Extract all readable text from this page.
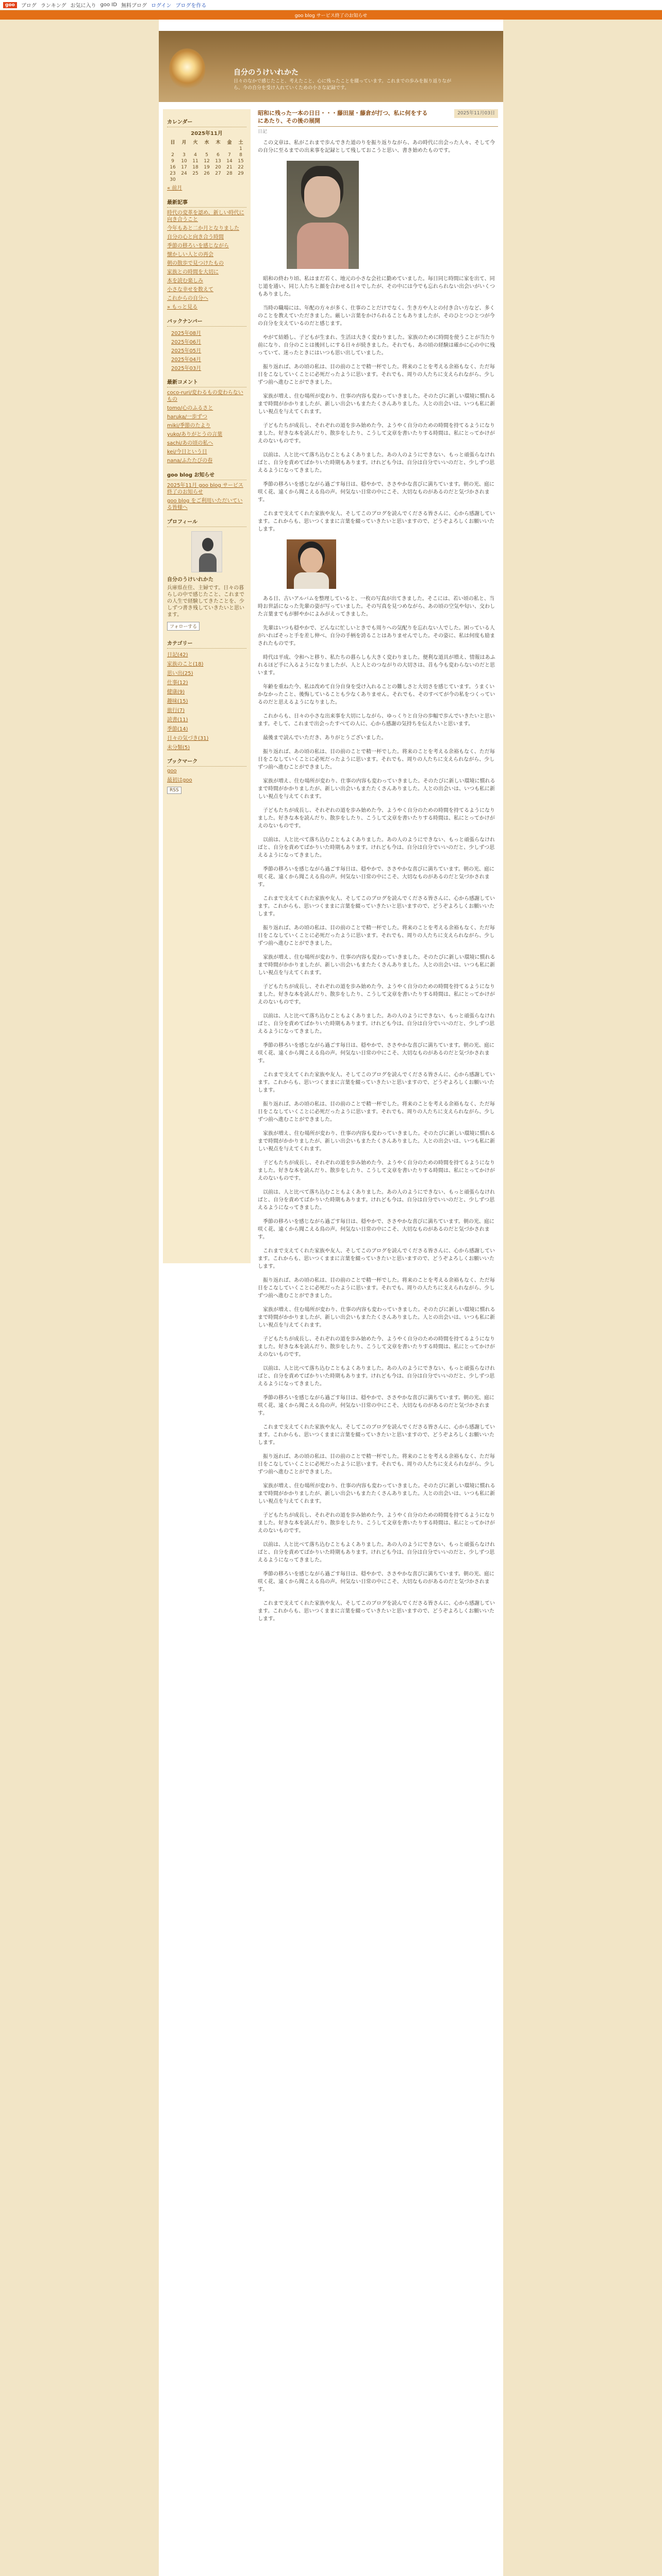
goo	ブログ ランキング お気に入り goo ID 無料ブログ ログイン ブログを作る
goo blog サービス終了のお知らせ
自分のうけいれかた
日々のなかで感じたこと、考えたこと、心に残ったことを綴っています。これまでの歩みを振り返りながら、今の自分を受け入れていくための小さな記録です。
カレンダー
2025年11月
日	月	火	水	木	金	土
						1
2	3	4	5	6	7	8
9	10	11	12	13	14	15
16	17	18	19	20	21	22
23	24	25	26	27	28	29
30						
« 前月
最新記事
時代の変革を認め、新しい時代に向き合うこと
今年もあと二か月となりました
自分の心と向き合う時間
季節の移ろいを感じながら
懐かしい人との再会
朝の散歩で見つけたもの
家族との時間を大切に
本を読む楽しみ
小さな幸せを数えて
これからの自分へ
» もっと見る
バックナンバー
2025年08月
2025年06月
2025年05月
2025年04月
2025年03月
最新コメント
coco-ruri/変わるもの変わらないもの
tomo/心のふるさと
haruka/一歩ずつ
miki/季節のたより
yuko/ありがとうの言葉
sachi/あの頃の私へ
kei/今日という日
nana/ふたたびの春
goo blog お知らせ
2025年11月 goo blog サービス終了のお知らせ
goo blog をご利用いただいている皆様へ
プロフィール
自分のうけいれかた
兵庫県在住、主婦です。日々の暮らしの中で感じたこと、これまでの人生で経験してきたことを、少しずつ書き残していきたいと思います。
フォローする
カテゴリー
日記(42)
家族のこと(18)
思い出(25)
仕事(12)
健康(9)
趣味(15)
旅行(7)
読書(11)
季節(14)
日々の気づき(31)
未分類(5)
ブックマーク
goo
最初はgoo
RSS
昭和に残った一本の日日・・・藤田屋・藤倉が打つ、私に何をするにあたり、その後の展開
2025年11月03日
日記

この文章は、私がこれまで歩んできた道のりを振り返りながら、あの時代に出会った人々、そして今の自分に至るまでの出来事を記録として残しておこうと思い、書き始めたものです。

昭和の終わり頃、私はまだ若く、地元の小さな会社に勤めていました。毎日同じ時間に家を出て、同じ道を通い、同じ人たちと顔を合わせる日々でしたが、その中には今でも忘れられない出会いがいくつもありました。

当時の職場には、年配の方々が多く、仕事のことだけでなく、生き方や人との付き合い方など、多くのことを教えていただきました。厳しい言葉をかけられることもありましたが、そのひとつひとつが今の自分を支えているのだと感じます。

やがて結婚し、子どもが生まれ、生活は大きく変わりました。家族のために時間を使うことが当たり前になり、自分のことは後回しにする日々が続きました。それでも、あの頃の経験は確かに心の中に残っていて、迷ったときにはいつも思い出していました。

振り返れば、あの頃の私は、目の前のことで精一杯でした。将来のことを考える余裕もなく、ただ毎日をこなしていくことに必死だったように思います。それでも、周りの人たちに支えられながら、少しずつ前へ進むことができました。

家族が増え、住む場所が変わり、仕事の内容も変わっていきました。そのたびに新しい環境に慣れるまで時間がかかりましたが、新しい出会いもまたたくさんありました。人との出会いは、いつも私に新しい視点を与えてくれます。

子どもたちが成長し、それぞれの道を歩み始めた今、ようやく自分のための時間を持てるようになりました。好きな本を読んだり、散歩をしたり、こうして文章を書いたりする時間は、私にとってかけがえのないものです。

以前は、人と比べて落ち込むこともよくありました。あの人のようにできない、もっと頑張らなければと、自分を責めてばかりいた時期もあります。けれども今は、自分は自分でいいのだと、少しずつ思えるようになってきました。

季節の移ろいを感じながら過ごす毎日は、穏やかで、ささやかな喜びに満ちています。朝の光、庭に咲く花、遠くから聞こえる鳥の声。何気ない日常の中にこそ、大切なものがあるのだと気づかされます。

これまで支えてくれた家族や友人、そしてこのブログを読んでくださる皆さんに、心から感謝しています。これからも、思いつくままに言葉を綴っていきたいと思いますので、どうぞよろしくお願いいたします。

ある日、古いアルバムを整理していると、一枚の写真が出てきました。そこには、若い頃の私と、当時お世話になった先輩の姿が写っていました。その写真を見つめながら、あの頃の空気や匂い、交わした言葉までもが鮮やかによみがえってきました。

先輩はいつも穏やかで、どんなに忙しいときでも周りへの気配りを忘れない人でした。困っている人がいればそっと手を差し伸べ、自分の手柄を誇ることはありませんでした。その姿に、私は何度も励まされたものです。

時代は平成、令和へと移り、私たちの暮らしも大きく変わりました。便利な道具が増え、情報はあふれるほど手に入るようになりましたが、人と人とのつながりの大切さは、昔も今も変わらないのだと思います。

年齢を重ねた今、私は改めて自分自身を受け入れることの難しさと大切さを感じています。うまくいかなかったこと、後悔していることも少なくありません。それでも、そのすべてが今の私をつくっているのだと思えるようになりました。

これからも、日々の小さな出来事を大切にしながら、ゆっくりと自分の歩幅で歩んでいきたいと思います。そして、これまで出会ったすべての人に、心から感謝の気持ちを伝えたいと思います。

最後まで読んでいただき、ありがとうございました。

振り返れば、あの頃の私は、目の前のことで精一杯でした。将来のことを考える余裕もなく、ただ毎日をこなしていくことに必死だったように思います。それでも、周りの人たちに支えられながら、少しずつ前へ進むことができました。

家族が増え、住む場所が変わり、仕事の内容も変わっていきました。そのたびに新しい環境に慣れるまで時間がかかりましたが、新しい出会いもまたたくさんありました。人との出会いは、いつも私に新しい視点を与えてくれます。

子どもたちが成長し、それぞれの道を歩み始めた今、ようやく自分のための時間を持てるようになりました。好きな本を読んだり、散歩をしたり、こうして文章を書いたりする時間は、私にとってかけがえのないものです。

以前は、人と比べて落ち込むこともよくありました。あの人のようにできない、もっと頑張らなければと、自分を責めてばかりいた時期もあります。けれども今は、自分は自分でいいのだと、少しずつ思えるようになってきました。

季節の移ろいを感じながら過ごす毎日は、穏やかで、ささやかな喜びに満ちています。朝の光、庭に咲く花、遠くから聞こえる鳥の声。何気ない日常の中にこそ、大切なものがあるのだと気づかされます。

これまで支えてくれた家族や友人、そしてこのブログを読んでくださる皆さんに、心から感謝しています。これからも、思いつくままに言葉を綴っていきたいと思いますので、どうぞよろしくお願いいたします。

振り返れば、あの頃の私は、目の前のことで精一杯でした。将来のことを考える余裕もなく、ただ毎日をこなしていくことに必死だったように思います。それでも、周りの人たちに支えられながら、少しずつ前へ進むことができました。

家族が増え、住む場所が変わり、仕事の内容も変わっていきました。そのたびに新しい環境に慣れるまで時間がかかりましたが、新しい出会いもまたたくさんありました。人との出会いは、いつも私に新しい視点を与えてくれます。

子どもたちが成長し、それぞれの道を歩み始めた今、ようやく自分のための時間を持てるようになりました。好きな本を読んだり、散歩をしたり、こうして文章を書いたりする時間は、私にとってかけがえのないものです。

以前は、人と比べて落ち込むこともよくありました。あの人のようにできない、もっと頑張らなければと、自分を責めてばかりいた時期もあります。けれども今は、自分は自分でいいのだと、少しずつ思えるようになってきました。

季節の移ろいを感じながら過ごす毎日は、穏やかで、ささやかな喜びに満ちています。朝の光、庭に咲く花、遠くから聞こえる鳥の声。何気ない日常の中にこそ、大切なものがあるのだと気づかされます。

これまで支えてくれた家族や友人、そしてこのブログを読んでくださる皆さんに、心から感謝しています。これからも、思いつくままに言葉を綴っていきたいと思いますので、どうぞよろしくお願いいたします。

振り返れば、あの頃の私は、目の前のことで精一杯でした。将来のことを考える余裕もなく、ただ毎日をこなしていくことに必死だったように思います。それでも、周りの人たちに支えられながら、少しずつ前へ進むことができました。

家族が増え、住む場所が変わり、仕事の内容も変わっていきました。そのたびに新しい環境に慣れるまで時間がかかりましたが、新しい出会いもまたたくさんありました。人との出会いは、いつも私に新しい視点を与えてくれます。

子どもたちが成長し、それぞれの道を歩み始めた今、ようやく自分のための時間を持てるようになりました。好きな本を読んだり、散歩をしたり、こうして文章を書いたりする時間は、私にとってかけがえのないものです。

以前は、人と比べて落ち込むこともよくありました。あの人のようにできない、もっと頑張らなければと、自分を責めてばかりいた時期もあります。けれども今は、自分は自分でいいのだと、少しずつ思えるようになってきました。

季節の移ろいを感じながら過ごす毎日は、穏やかで、ささやかな喜びに満ちています。朝の光、庭に咲く花、遠くから聞こえる鳥の声。何気ない日常の中にこそ、大切なものがあるのだと気づかされます。

これまで支えてくれた家族や友人、そしてこのブログを読んでくださる皆さんに、心から感謝しています。これからも、思いつくままに言葉を綴っていきたいと思いますので、どうぞよろしくお願いいたします。

振り返れば、あの頃の私は、目の前のことで精一杯でした。将来のことを考える余裕もなく、ただ毎日をこなしていくことに必死だったように思います。それでも、周りの人たちに支えられながら、少しずつ前へ進むことができました。

家族が増え、住む場所が変わり、仕事の内容も変わっていきました。そのたびに新しい環境に慣れるまで時間がかかりましたが、新しい出会いもまたたくさんありました。人との出会いは、いつも私に新しい視点を与えてくれます。

子どもたちが成長し、それぞれの道を歩み始めた今、ようやく自分のための時間を持てるようになりました。好きな本を読んだり、散歩をしたり、こうして文章を書いたりする時間は、私にとってかけがえのないものです。

以前は、人と比べて落ち込むこともよくありました。あの人のようにできない、もっと頑張らなければと、自分を責めてばかりいた時期もあります。けれども今は、自分は自分でいいのだと、少しずつ思えるようになってきました。

季節の移ろいを感じながら過ごす毎日は、穏やかで、ささやかな喜びに満ちています。朝の光、庭に咲く花、遠くから聞こえる鳥の声。何気ない日常の中にこそ、大切なものがあるのだと気づかされます。

これまで支えてくれた家族や友人、そしてこのブログを読んでくださる皆さんに、心から感謝しています。これからも、思いつくままに言葉を綴っていきたいと思いますので、どうぞよろしくお願いいたします。

振り返れば、あの頃の私は、目の前のことで精一杯でした。将来のことを考える余裕もなく、ただ毎日をこなしていくことに必死だったように思います。それでも、周りの人たちに支えられながら、少しずつ前へ進むことができました。

家族が増え、住む場所が変わり、仕事の内容も変わっていきました。そのたびに新しい環境に慣れるまで時間がかかりましたが、新しい出会いもまたたくさんありました。人との出会いは、いつも私に新しい視点を与えてくれます。

子どもたちが成長し、それぞれの道を歩み始めた今、ようやく自分のための時間を持てるようになりました。好きな本を読んだり、散歩をしたり、こうして文章を書いたりする時間は、私にとってかけがえのないものです。

以前は、人と比べて落ち込むこともよくありました。あの人のようにできない、もっと頑張らなければと、自分を責めてばかりいた時期もあります。けれども今は、自分は自分でいいのだと、少しずつ思えるようになってきました。

季節の移ろいを感じながら過ごす毎日は、穏やかで、ささやかな喜びに満ちています。朝の光、庭に咲く花、遠くから聞こえる鳥の声。何気ない日常の中にこそ、大切なものがあるのだと気づかされます。

これまで支えてくれた家族や友人、そしてこのブログを読んでくださる皆さんに、心から感謝しています。これからも、思いつくままに言葉を綴っていきたいと思いますので、どうぞよろしくお願いいたします。
